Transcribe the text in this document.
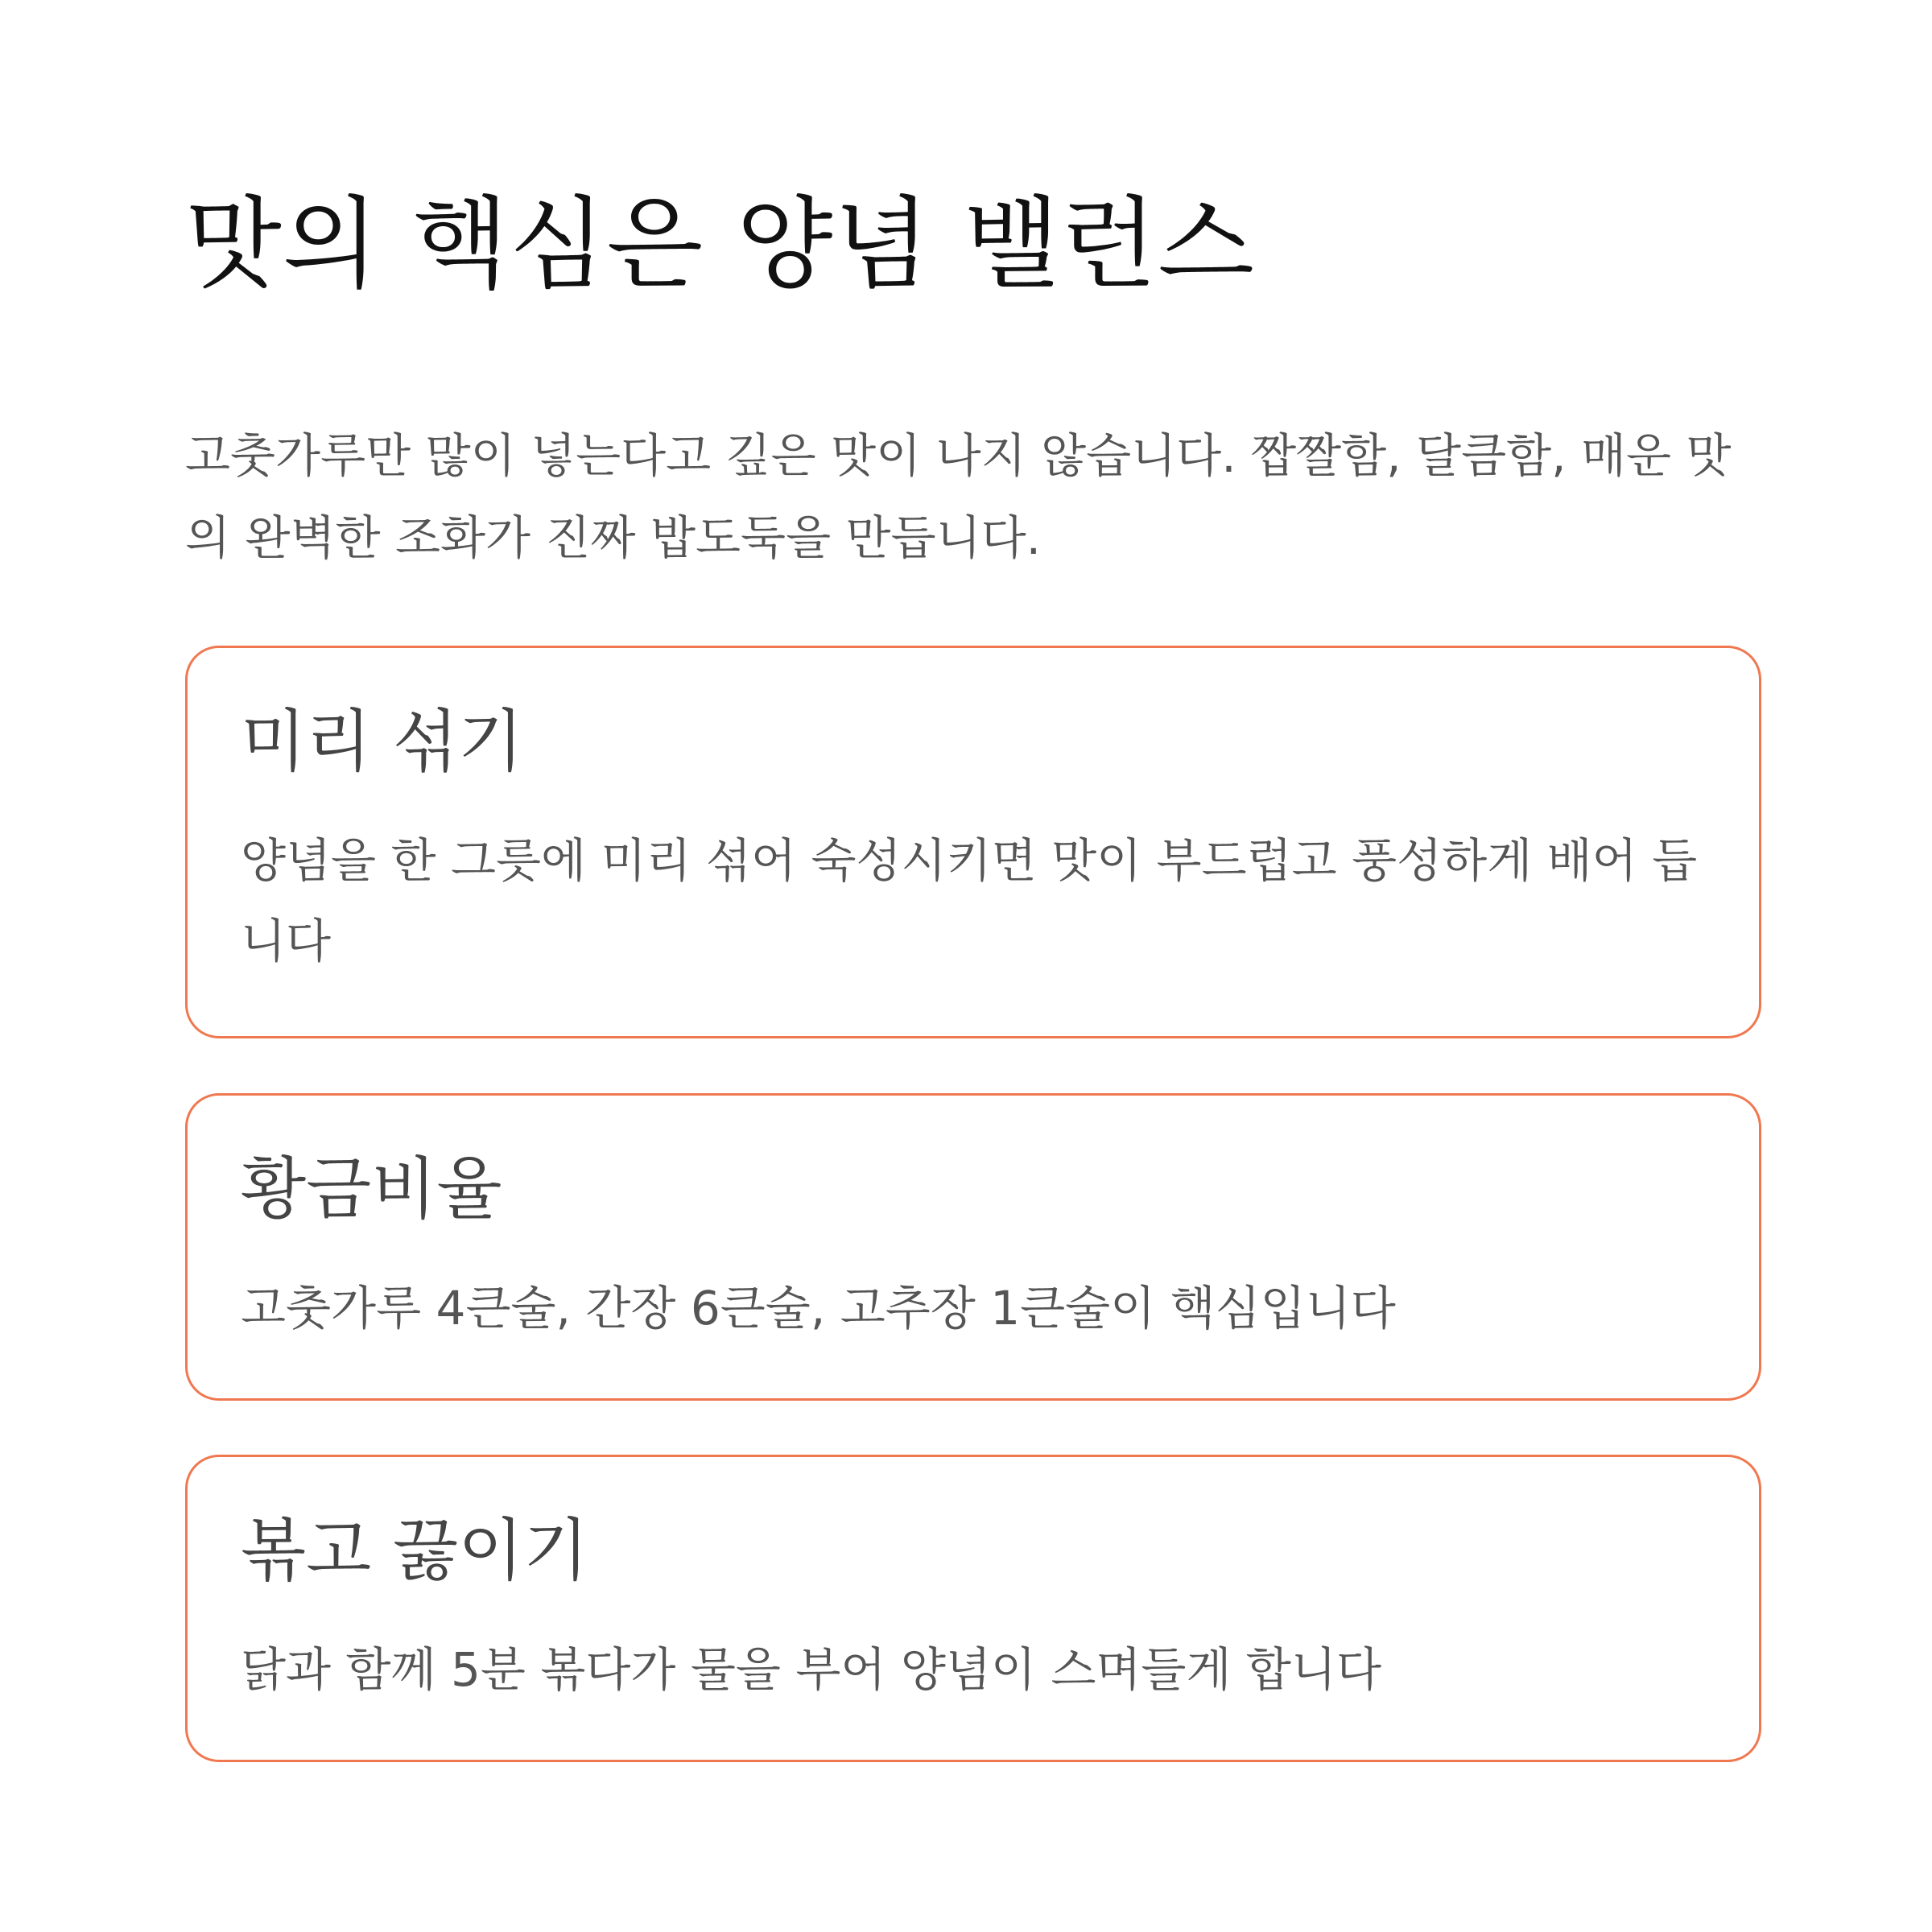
맛의 핵심은 양념 밸런스

고춧가루만 많이 넣는다고 깊은 맛이 나지 않습니다. 짭짤함, 달큼함, 매운 맛의 완벽한 조화가 진짜 밥도둑을 만듭니다.

미리 섞기

양념을 한 그릇에 미리 섞어 숙성시키면 맛이 부드럽고 풍성하게 배어 듭니다

황금비율

고춧가루 4큰술, 간장 6큰술, 고추장 1큰술이 핵심입니다

볶고 끓이기

닭과 함께 5분 볶다가 물을 부어 양념이 스며들게 합니다
